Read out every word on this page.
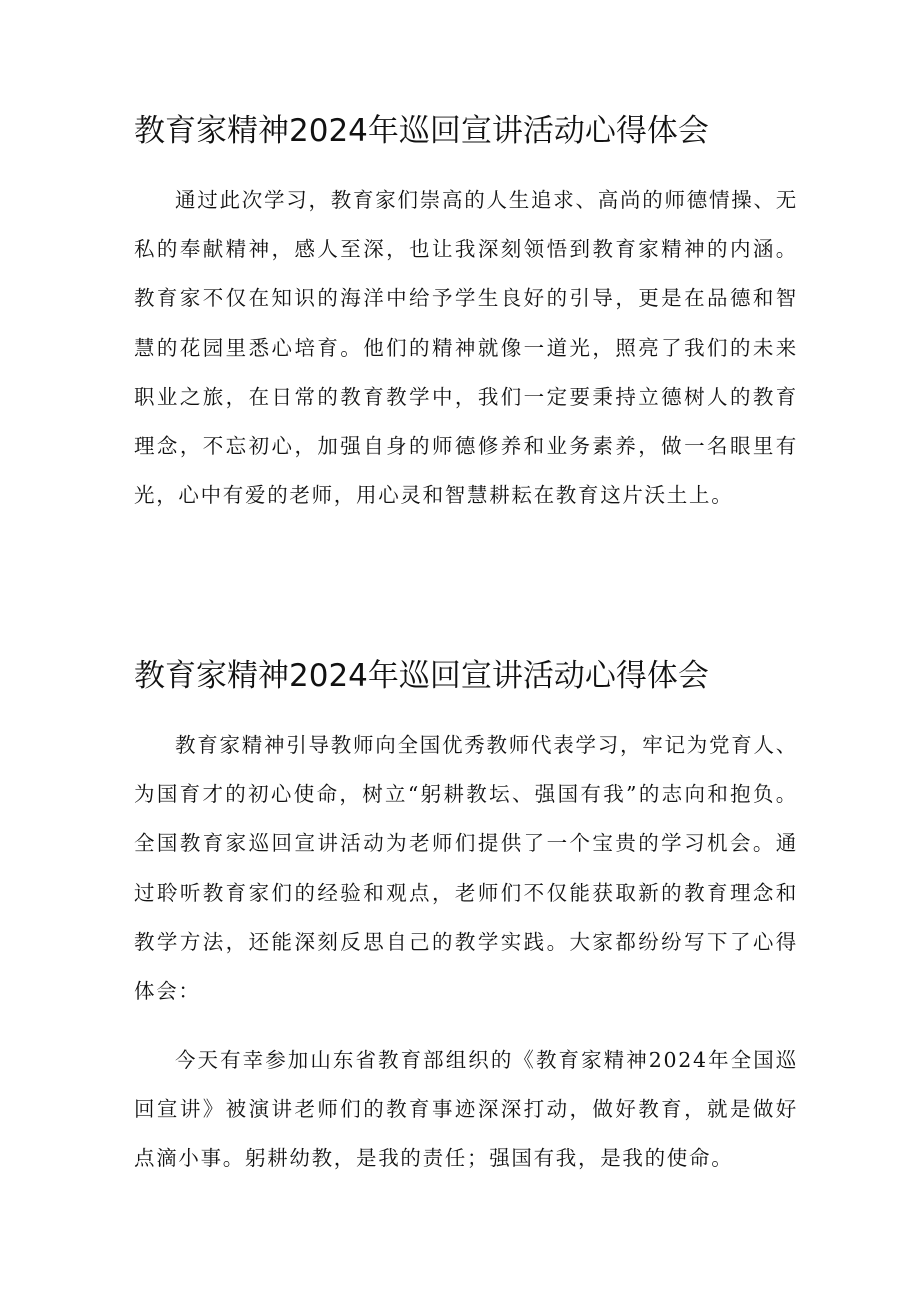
教育家精神2024年巡回宣讲活动心得体会

通过此次学习，教育家们崇高的人生追求、高尚的师德情操、无私的奉献精神，感人至深，也让我深刻领悟到教育家精神的内涵。教育家不仅在知识的海洋中给予学生良好的引导，更是在品德和智慧的花园里悉心培育。他们的精神就像一道光，照亮了我们的未来职业之旅，在日常的教育教学中，我们一定要秉持立德树人的教育理念，不忘初心，加强自身的师德修养和业务素养，做一名眼里有光，心中有爱的老师，用心灵和智慧耕耘在教育这片沃土上。

教育家精神2024年巡回宣讲活动心得体会

教育家精神引导教师向全国优秀教师代表学习，牢记为党育人、为国育才的初心使命，树立“躬耕教坛、强国有我”的志向和抱负。全国教育家巡回宣讲活动为老师们提供了一个宝贵的学习机会。通过聆听教育家们的经验和观点，老师们不仅能获取新的教育理念和教学方法，还能深刻反思自己的教学实践。大家都纷纷写下了心得体会：

今天有幸参加山东省教育部组织的《教育家精神2024年全国巡回宣讲》被演讲老师们的教育事迹深深打动，做好教育，就是做好点滴小事。躬耕幼教，是我的责任；强国有我，是我的使命。
